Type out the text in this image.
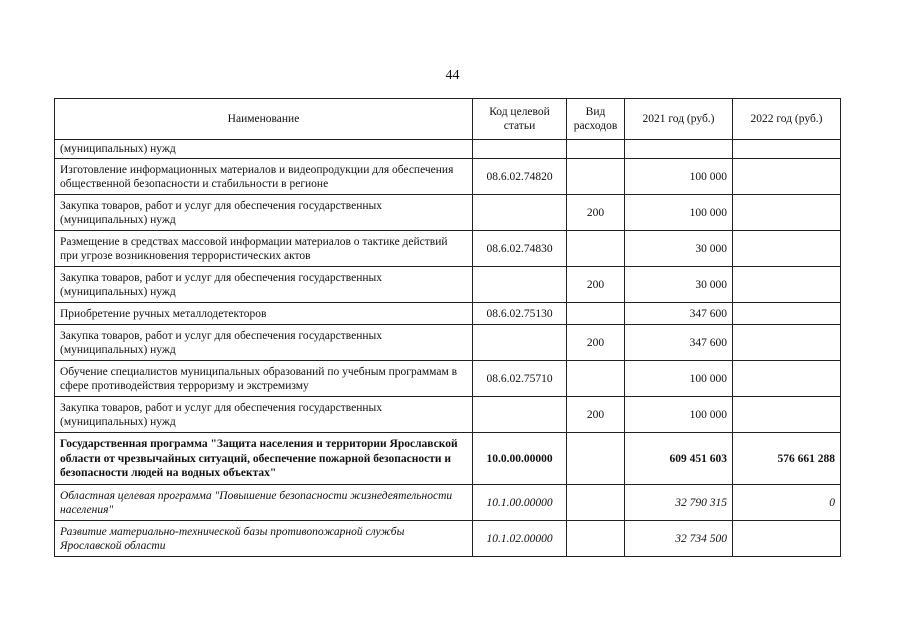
44
Наименование	Код целевой статьи	Вид расходов	2021 год (руб.)	2022 год (руб.)
(муниципальных) нужд				
Изготовление информационных материалов и видеопродукции для обеспечения общественной безопасности и стабильности в регионе	08.6.02.74820		100 000	
Закупка товаров, работ и услуг для обеспечения государственных (муниципальных) нужд		200	100 000	
Размещение в средствах массовой информации материалов о тактике действий при угрозе возникновения террористических актов	08.6.02.74830		30 000	
Закупка товаров, работ и услуг для обеспечения государственных (муниципальных) нужд		200	30 000	
Приобретение ручных металлодетекторов	08.6.02.75130		347 600	
Закупка товаров, работ и услуг для обеспечения государственных (муниципальных) нужд		200	347 600	
Обучение специалистов муниципальных образований по учебным программам в сфере противодействия терроризму и экстремизму	08.6.02.75710		100 000	
Закупка товаров, работ и услуг для обеспечения государственных (муниципальных) нужд		200	100 000	
Государственная программа "Защита населения и территории Ярославской области от чрезвычайных ситуаций, обеспечение пожарной безопасности и безопасности людей на водных объектах"	10.0.00.00000		609 451 603	576 661 288
Областная целевая программа "Повышение безопасности жизнедеятельности населения"	10.1.00.00000		32 790 315	0
Развитие материально-технической базы противопожарной службы Ярославской области	10.1.02.00000		32 734 500	
